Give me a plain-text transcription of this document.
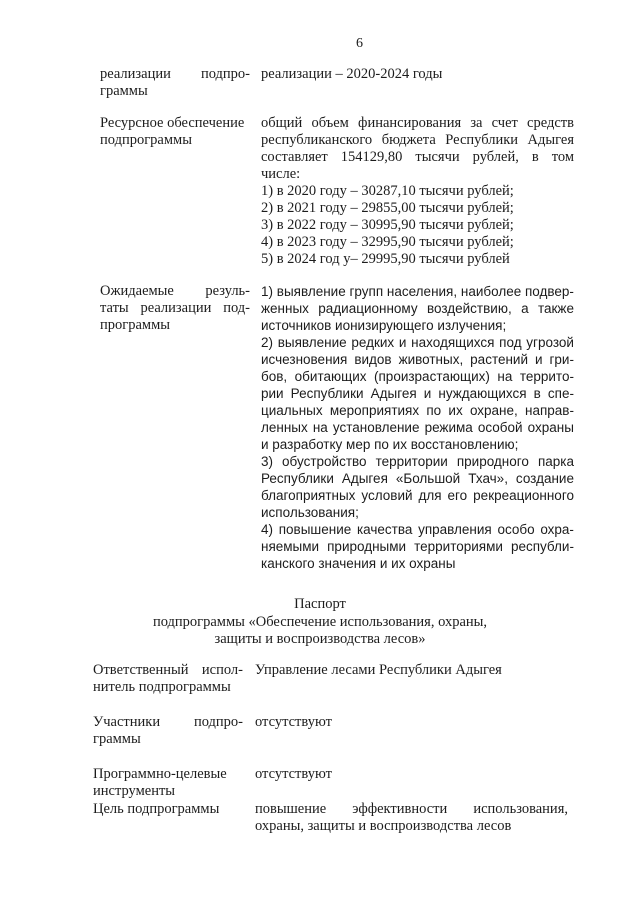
6
реализации подпро-
граммы
реализации – 2020-2024 годы
Ресурсное обеспечение
подпрограммы
общий объем финансирования за счет средств
республиканского бюджета Республики Адыгея
составляет 154129,80 тысячи рублей, в том
числе:
1) в 2020 году – 30287,10 тысячи рублей;
2) в 2021 году – 29855,00 тысячи рублей;
3) в 2022 году – 30995,90 тысячи рублей;
4) в 2023 году – 32995,90 тысячи рублей;
5) в 2024 год у– 29995,90 тысячи рублей
Ожидаемые резуль-
таты реализации под-
программы
1) выявление групп населения, наиболее подвер-
женных радиационному воздействию, а также
источников ионизирующего излучения;
2) выявление редких и находящихся под угрозой
исчезновения видов животных, растений и гри-
бов, обитающих (произрастающих) на террито-
рии Республики Адыгея и нуждающихся в спе-
циальных мероприятиях по их охране, направ-
ленных на установление режима особой охраны
и разработку мер по их восстановлению;
3) обустройство территории природного парка
Республики Адыгея «Большой Тхач», создание
благоприятных условий для его рекреационного
использования;
4) повышение качества управления особо охра-
няемыми природными территориями республи-
канского значения и их охраны
Паспорт
подпрограммы «Обеспечение использования, охраны,
защиты и воспроизводства лесов»
Ответственный испол-
нитель подпрограммы
Управление лесами Республики Адыгея
Участники подпро-
граммы
отсутствуют
Программно-целевые
инструменты
отсутствуют
Цель подпрограммы	повышение эффективности использования,
охраны, защиты и воспроизводства лесов
